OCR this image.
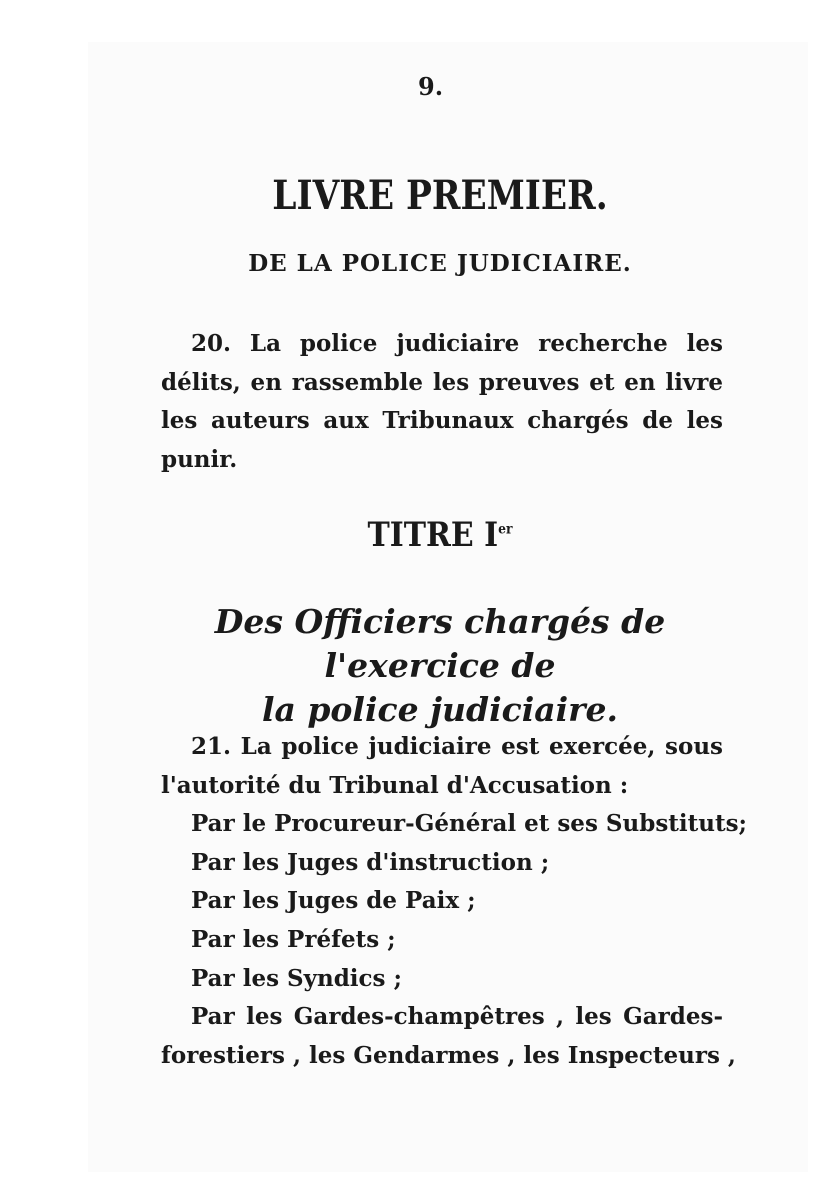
9.
LIVRE PREMIER.
DE LA POLICE JUDICIAIRE.
20. La police judiciaire recherche les
délits, en rassemble les preuves et en livre
les auteurs aux Tribunaux chargés de les
punir.
TITRE Ier
Des Officiers chargés de l'exercice de
la police judiciaire.
21. La police judiciaire est exercée, sous
l'autorité du Tribunal d'Accusation :
Par le Procureur-Général et ses Substituts;
Par les Juges d'instruction ;
Par les Juges de Paix ;
Par les Préfets ;
Par les Syndics ;
Par les Gardes-champêtres , les Gardes-
forestiers , les Gendarmes , les Inspecteurs ,
